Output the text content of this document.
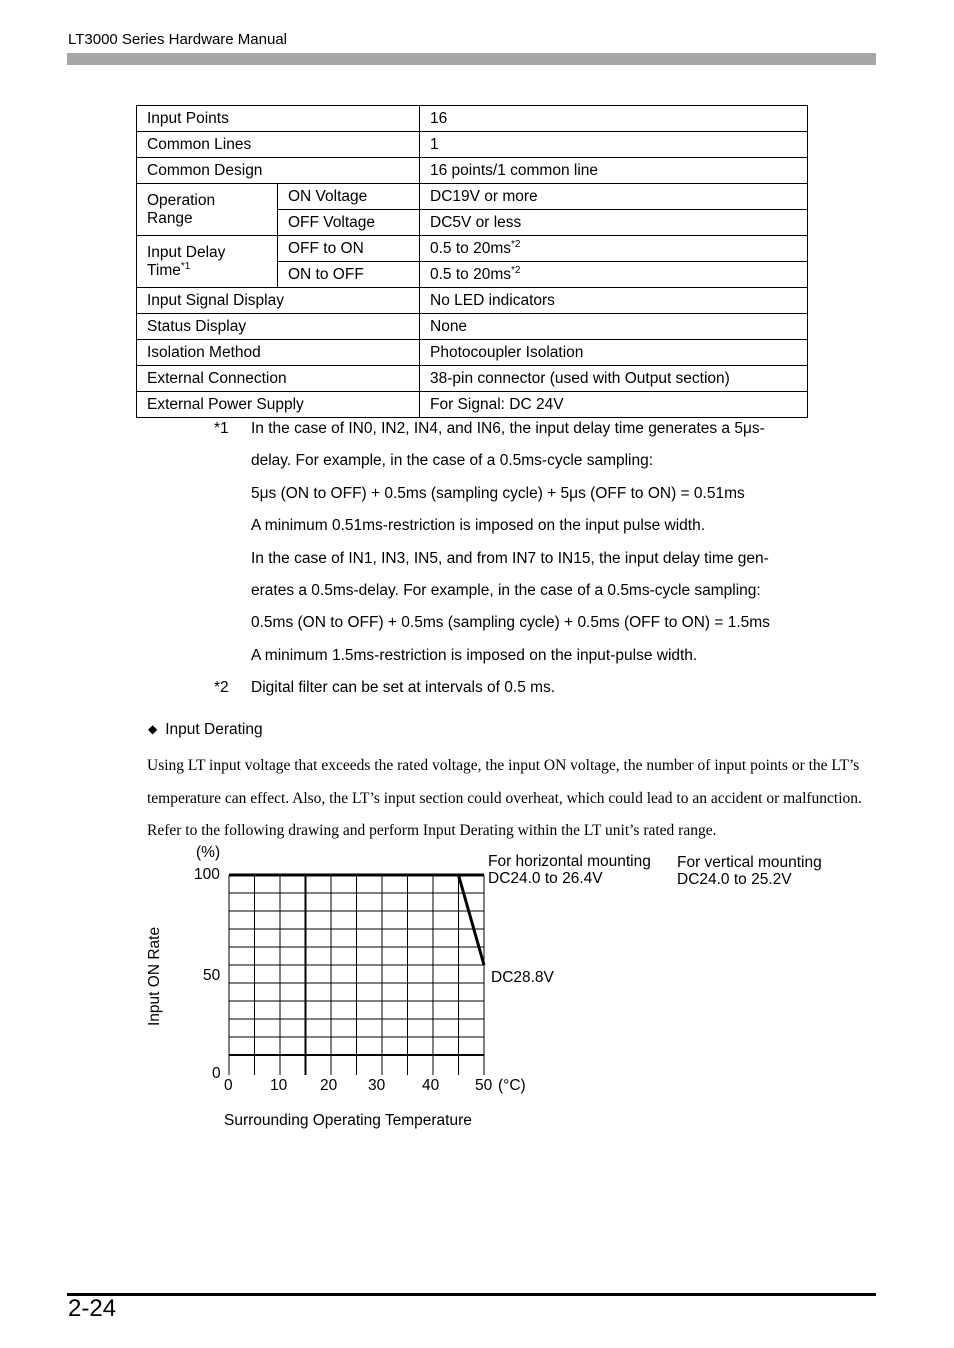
LT3000 Series Hardware Manual
Input Points		16
Common Lines		1
Common Design		16 points/1 common line
Operation
Range	ON Voltage	DC19V or more
	OFF Voltage	DC5V or less
Input Delay
Time$^{*1}$	OFF to ON	0.5 to $20ms^{*2}$
	ON to OFF	0.5 to $20ms^{*2}$
Input Signal Display		No LED indicators
Status Display		None
Isolation Method		Photocoupler Isolation
External Connection		38-pin connector (used with Output section)
External Power Supply		For Signal: DC 24V
*1 In the case of IN0, IN2, IN4, and IN6, the input delay time generates a 5μs-
delay. For example, in the case of a 0.5ms-cycle sampling:
5μs (ON to OFF) + 0.5ms (sampling cycle) + 5μs (OFF to ON) = 0.51ms
A minimum 0.51ms-restriction is imposed on the input pulse width.
In the case of IN1, IN3, IN5, and from IN7 to IN15, the input delay time gen-
erates a 0.5ms-delay. For example, in the case of a 0.5ms-cycle sampling:
0.5ms (ON to OFF) + 0.5ms (sampling cycle) + 0.5ms (OFF to ON) = 1.5ms
A minimum 1.5ms-restriction is imposed on the input-pulse width.
*2 Digital filter can be set at intervals of 0.5 ms.
◆ Input Derating
Using LT input voltage that exceeds the rated voltage, the input ON voltage, the number of input points or the LT’s temperature can effect. Also, the LT’s input section could overheat, which could lead to an accident or malfunction. Refer to the following drawing and perform Input Derating within the LT unit’s rated range.
0 10 20 30 40 50
0
50
100
(%)
Input ON Rate
Surrounding Operating Temperature
(°C)
For horizontal mounting
DC24.0 to 26.4V
For vertical mounting
DC24.0 to 25.2V
DC28.8V
2-24
